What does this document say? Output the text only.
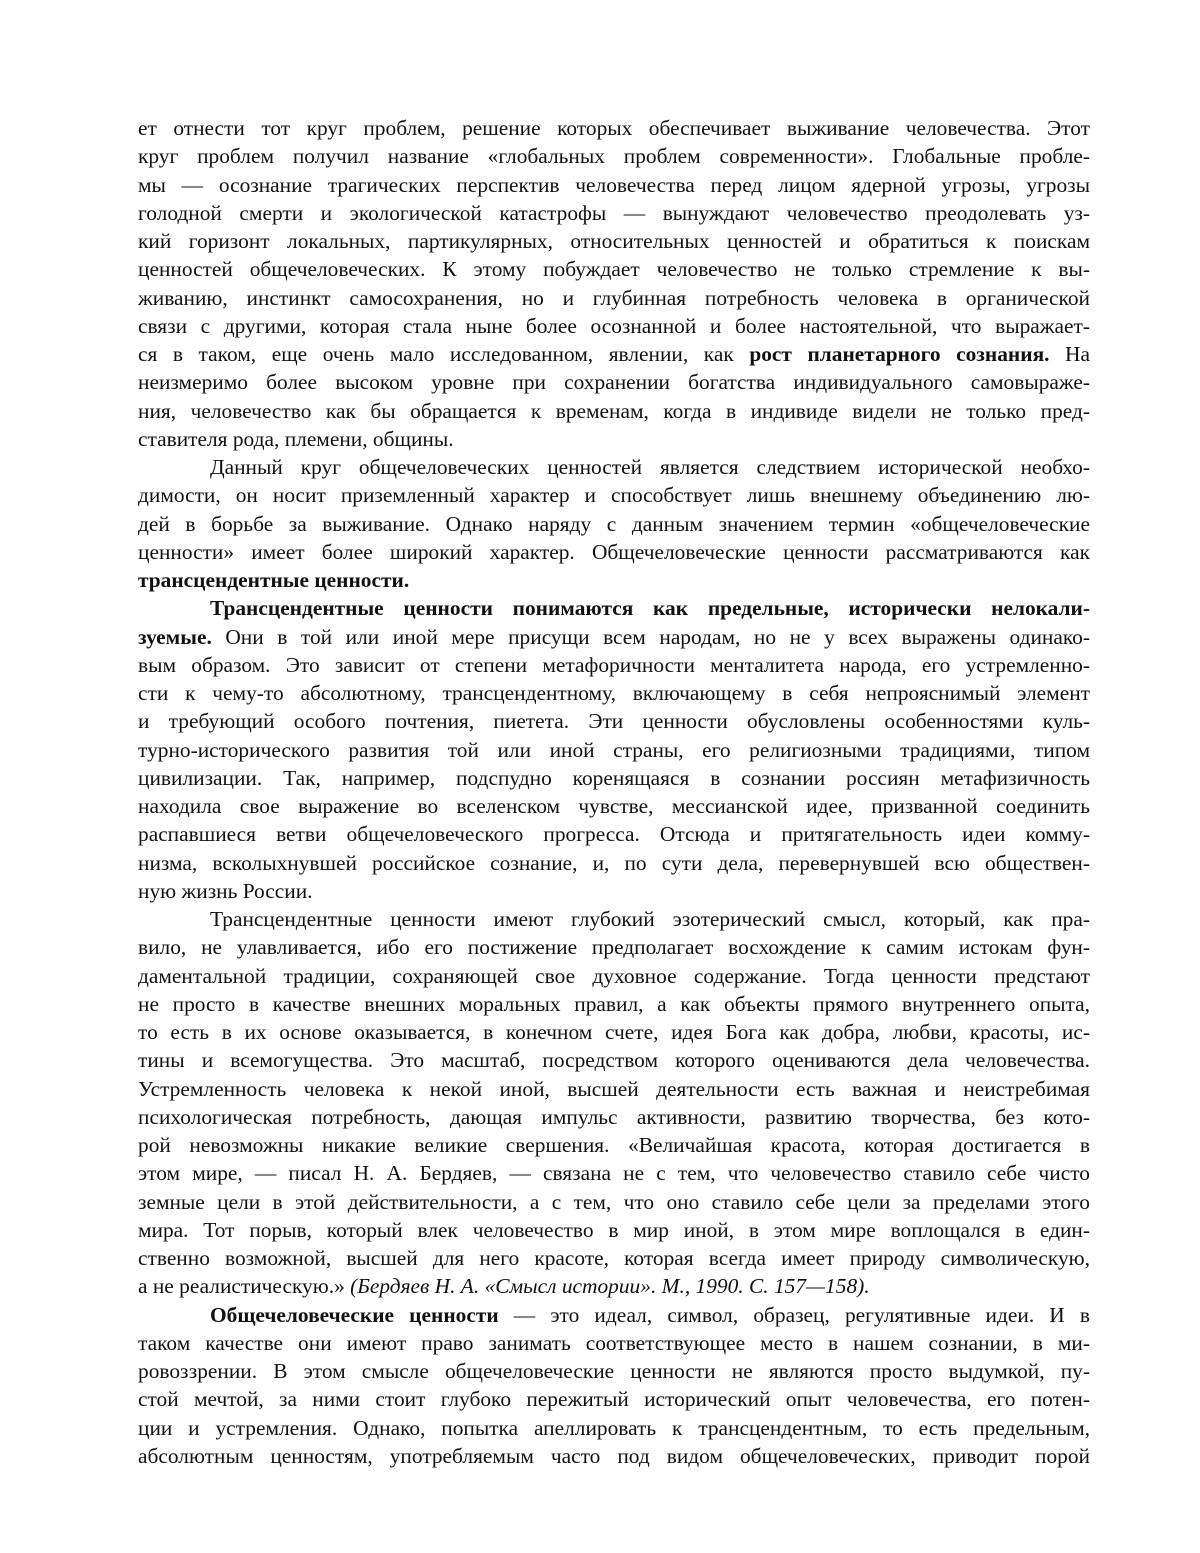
ет отнести тот круг проблем, решение которых обеспечивает выживание человечества. Этот
круг проблем получил название «глобальных проблем современности». Глобальные пробле-
мы — осознание трагических перспектив человечества перед лицом ядерной угрозы, угрозы
голодной смерти и экологической катастрофы — вынуждают человечество преодолевать уз-
кий горизонт локальных, партикулярных, относительных ценностей и обратиться к поискам
ценностей общечеловеческих. К этому побуждает человечество не только стремление к вы-
живанию, инстинкт самосохранения, но и глубинная потребность человека в органической
связи с другими, которая стала ныне более осознанной и более настоятельной, что выражает-
ся в таком, еще очень мало исследованном, явлении, как рост планетарного сознания. На
неизмеримо более высоком уровне при сохранении богатства индивидуального самовыраже-
ния, человечество как бы обращается к временам, когда в индивиде видели не только пред-
ставителя рода, племени, общины.
Данный круг общечеловеческих ценностей является следствием исторической необхо-
димости, он носит приземленный характер и способствует лишь внешнему объединению лю-
дей в борьбе за выживание. Однако наряду с данным значением термин «общечеловеческие
ценности» имеет более широкий характер. Общечеловеческие ценности рассматриваются как
трансцендентные ценности.
Трансцендентные ценности понимаются как предельные, исторически нелокали-
зуемые. Они в той или иной мере присущи всем народам, но не у всех выражены одинако-
вым образом. Это зависит от степени метафоричности менталитета народа, его устремленно-
сти к чему-то абсолютному, трансцендентному, включающему в себя непрояснимый элемент
и требующий особого почтения, пиетета. Эти ценности обусловлены особенностями куль-
турно-исторического развития той или иной страны, его религиозными традициями, типом
цивилизации. Так, например, подспудно коренящаяся в сознании россиян метафизичность
находила свое выражение во вселенском чувстве, мессианской идее, призванной соединить
распавшиеся ветви общечеловеческого прогресса. Отсюда и притягательность идеи комму-
низма, всколыхнувшей российское сознание, и, по сути дела, перевернувшей всю обществен-
ную жизнь России.
Трансцендентные ценности имеют глубокий эзотерический смысл, который, как пра-
вило, не улавливается, ибо его постижение предполагает восхождение к самим истокам фун-
даментальной традиции, сохраняющей свое духовное содержание. Тогда ценности предстают
не просто в качестве внешних моральных правил, а как объекты прямого внутреннего опыта,
то есть в их основе оказывается, в конечном счете, идея Бога как добра, любви, красоты, ис-
тины и всемогущества. Это масштаб, посредством которого оцениваются дела человечества.
Устремленность человека к некой иной, высшей деятельности есть важная и неистребимая
психологическая потребность, дающая импульс активности, развитию творчества, без кото-
рой невозможны никакие великие свершения. «Величайшая красота, которая достигается в
этом мире, — писал Н. А. Бердяев, — связана не с тем, что человечество ставило себе чисто
земные цели в этой действительности, а с тем, что оно ставило себе цели за пределами этого
мира. Тот порыв, который влек человечество в мир иной, в этом мире воплощался в един-
ственно возможной, высшей для него красоте, которая всегда имеет природу символическую,
а не реалистическую.» (Бердяев Н. А. «Смысл истории». М., 1990. С. 157—158).
Общечеловеческие ценности — это идеал, символ, образец, регулятивные идеи. И в
таком качестве они имеют право занимать соответствующее место в нашем сознании, в ми-
ровоззрении. В этом смысле общечеловеческие ценности не являются просто выдумкой, пу-
стой мечтой, за ними стоит глубоко пережитый исторический опыт человечества, его потен-
ции и устремления. Однако, попытка апеллировать к трансцендентным, то есть предельным,
абсолютным ценностям, употребляемым часто под видом общечеловеческих, приводит порой
